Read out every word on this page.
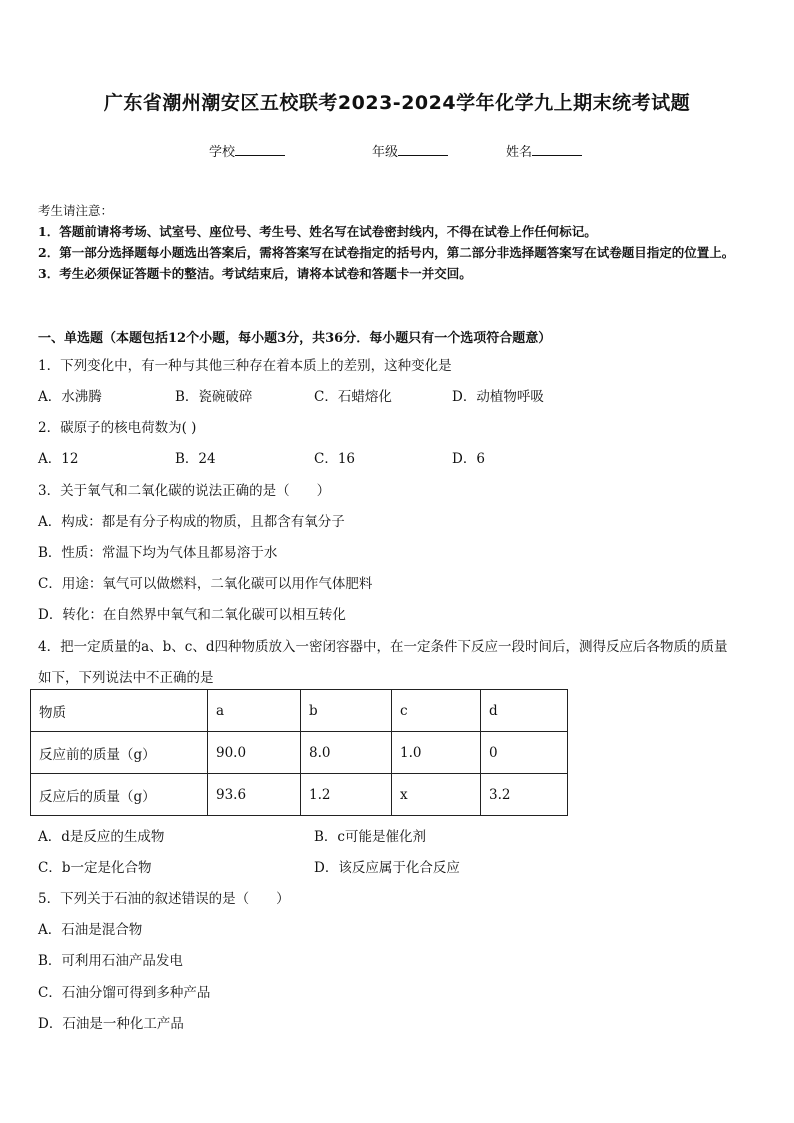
广东省潮州潮安区五校联考2023-2024学年化学九上期末统考试题
学校	年级	姓名
考生请注意：
1．答题前请将考场、试室号、座位号、考生号、姓名写在试卷密封线内，不得在试卷上作任何标记。
2．第一部分选择题每小题选出答案后，需将答案写在试卷指定的括号内，第二部分非选择题答案写在试卷题目指定的位置上。
3．考生必须保证答题卡的整洁。考试结束后，请将本试卷和答题卡一并交回。
一、单选题（本题包括12个小题，每小题3分，共36分．每小题只有一个选项符合题意）
1．下列变化中，有一种与其他三种存在着本质上的差别，这种变化是
A．水沸腾	B．瓷碗破碎	C．石蜡熔化	D．动植物呼吸
2．碳原子的核电荷数为( )
A．12	B．24	C．16	D．6
3．关于氧气和二氧化碳的说法正确的是（　　）
A．构成：都是有分子构成的物质，且都含有氧分子
B．性质：常温下均为气体且都易溶于水
C．用途：氧气可以做燃料，二氧化碳可以用作气体肥料
D．转化：在自然界中氧气和二氧化碳可以相互转化
4．把一定质量的a、b、c、d四种物质放入一密闭容器中，在一定条件下反应一段时间后，测得反应后各物质的质量
如下，下列说法中不正确的是
物质	a	b	c	d
反应前的质量（g）	90.0	8.0	1.0	0
反应后的质量（g）	93.6	1.2	x	3.2
A．d是反应的生成物	B．c可能是催化剂
C．b一定是化合物	D．该反应属于化合反应
5．下列关于石油的叙述错误的是（　　）
A．石油是混合物
B．可利用石油产品发电
C．石油分馏可得到多种产品
D．石油是一种化工产品
